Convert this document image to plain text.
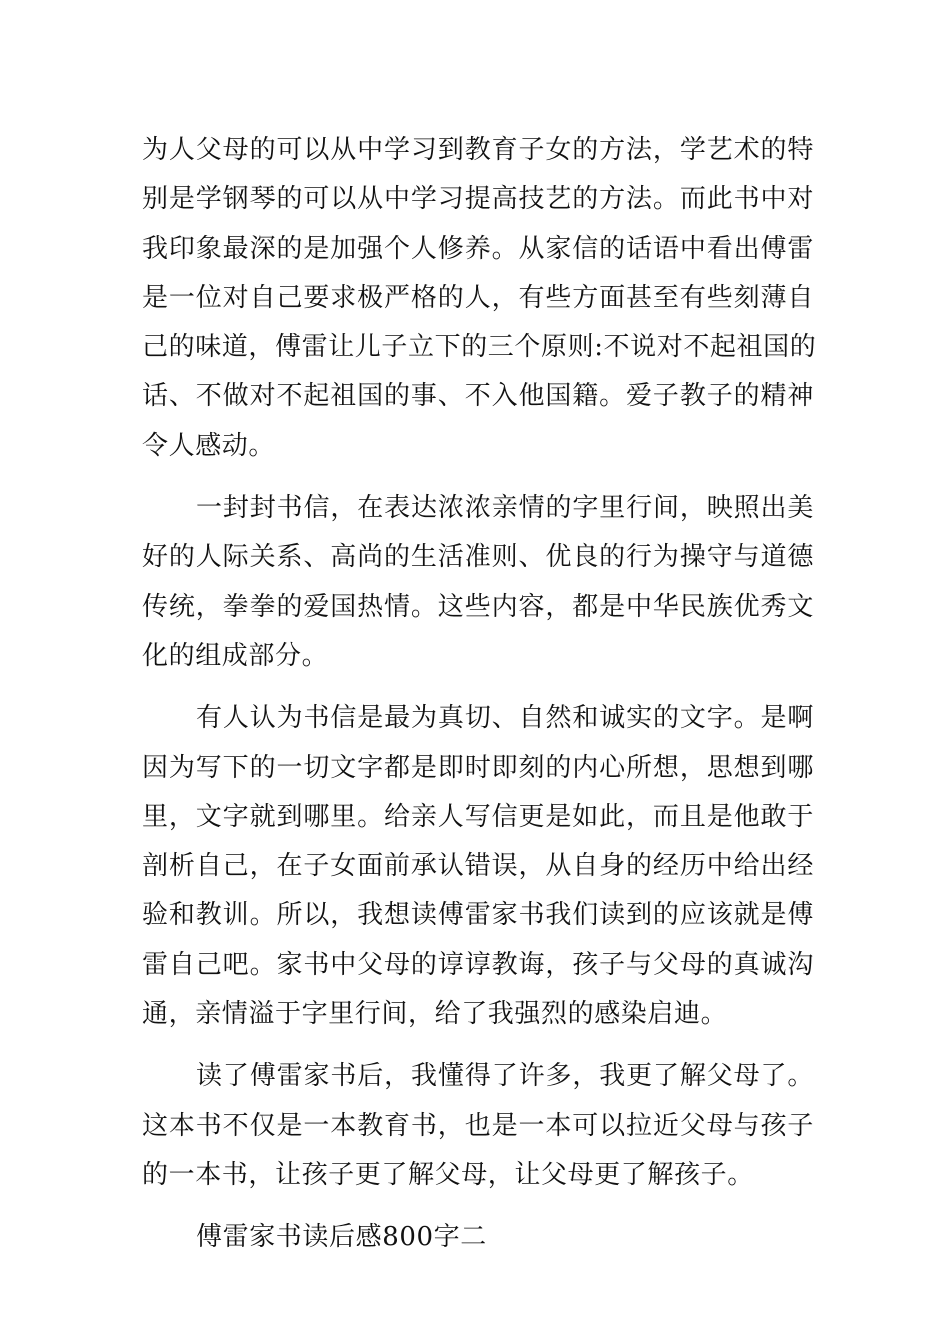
为人父母的可以从中学习到教育子女的方法，学艺术的特
别是学钢琴的可以从中学习提高技艺的方法。而此书中对
我印象最深的是加强个人修养。从家信的话语中看出傅雷
是一位对自己要求极严格的人，有些方面甚至有些刻薄自
己的味道，傅雷让儿子立下的三个原则:不说对不起祖国的
话、不做对不起祖国的事、不入他国籍。爱子教子的精神
令人感动。
一封封书信，在表达浓浓亲情的字里行间，映照出美
好的人际关系、高尚的生活准则、优良的行为操守与道德
传统，拳拳的爱国热情。这些内容，都是中华民族优秀文
化的组成部分。
有人认为书信是最为真切、自然和诚实的文字。是啊
因为写下的一切文字都是即时即刻的内心所想，思想到哪
里，文字就到哪里。给亲人写信更是如此，而且是他敢于
剖析自己，在子女面前承认错误，从自身的经历中给出经
验和教训。所以，我想读傅雷家书我们读到的应该就是傅
雷自己吧。家书中父母的谆谆教诲，孩子与父母的真诚沟
通，亲情溢于字里行间，给了我强烈的感染启迪。
读了傅雷家书后，我懂得了许多，我更了解父母了。
这本书不仅是一本教育书，也是一本可以拉近父母与孩子
的一本书，让孩子更了解父母，让父母更了解孩子。
傅雷家书读后感800字二
